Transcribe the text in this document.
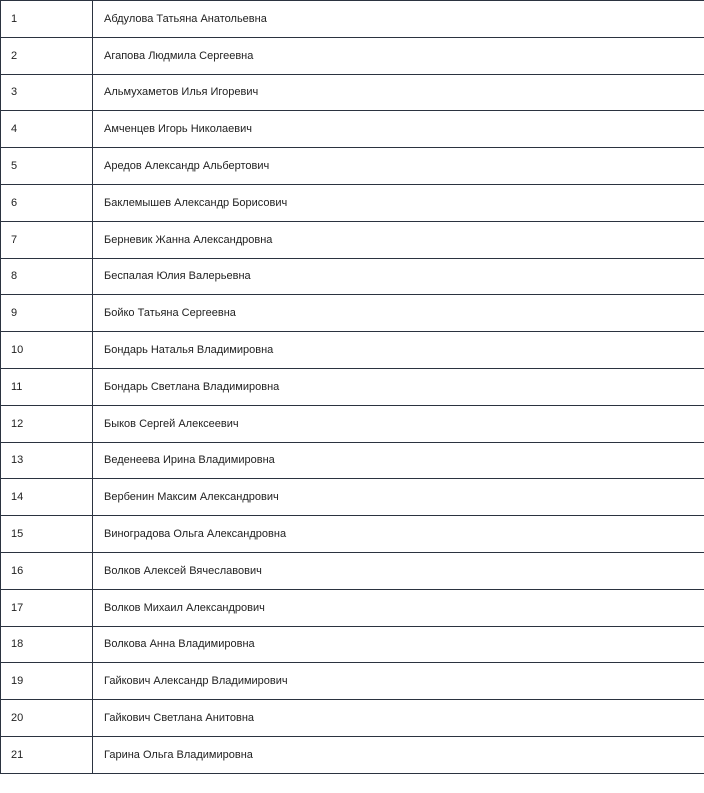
1	Абдулова Татьяна Анатольевна
2	Агапова Людмила Сергеевна
3	Альмухаметов Илья Игоревич
4	Амченцев Игорь Николаевич
5	Аредов Александр Альбертович
6	Баклемышев Александр Борисович
7	Берневик Жанна Александровна
8	Беспалая Юлия Валерьевна
9	Бойко Татьяна Сергеевна
10	Бондарь Наталья Владимировна
11	Бондарь Светлана Владимировна
12	Быков Сергей Алексеевич
13	Веденеева Ирина Владимировна
14	Вербенин Максим Александрович
15	Виноградова Ольга Александровна
16	Волков Алексей Вячеславович
17	Волков Михаил Александрович
18	Волкова Анна Владимировна
19	Гайкович Александр Владимирович
20	Гайкович Светлана Анитовна
21	Гарина Ольга Владимировна
